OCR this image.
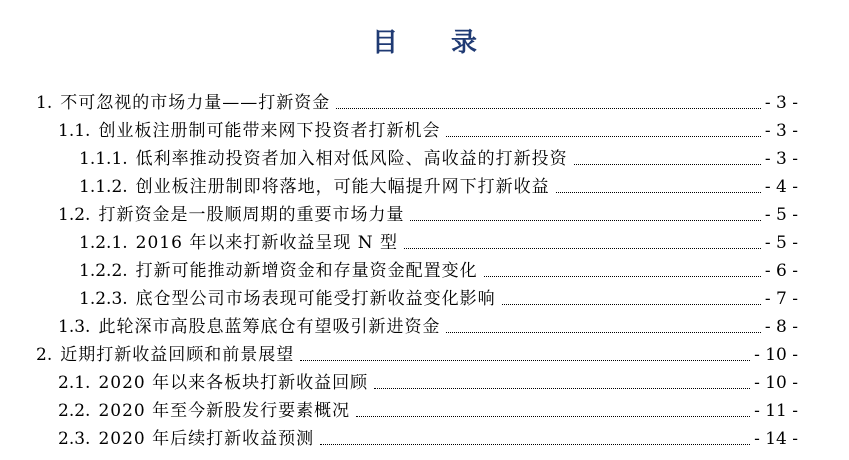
目 录
1. 不可忽视的市场力量——打新资金	- 3 -
1.1. 创业板注册制可能带来网下投资者打新机会	- 3 -
1.1.1. 低利率推动投资者加入相对低风险、高收益的打新投资	- 3 -
1.1.2. 创业板注册制即将落地，可能大幅提升网下打新收益	- 4 -
1.2. 打新资金是一股顺周期的重要市场力量	- 5 -
1.2.1. 2016 年以来打新收益呈现 N 型	- 5 -
1.2.2. 打新可能推动新增资金和存量资金配置变化	- 6 -
1.2.3. 底仓型公司市场表现可能受打新收益变化影响	- 7 -
1.3. 此轮深市高股息蓝筹底仓有望吸引新进资金	- 8 -
2. 近期打新收益回顾和前景展望	- 10 -
2.1. 2020 年以来各板块打新收益回顾	- 10 -
2.2. 2020 年至今新股发行要素概况	- 11 -
2.3. 2020 年后续打新收益预测	- 14 -
